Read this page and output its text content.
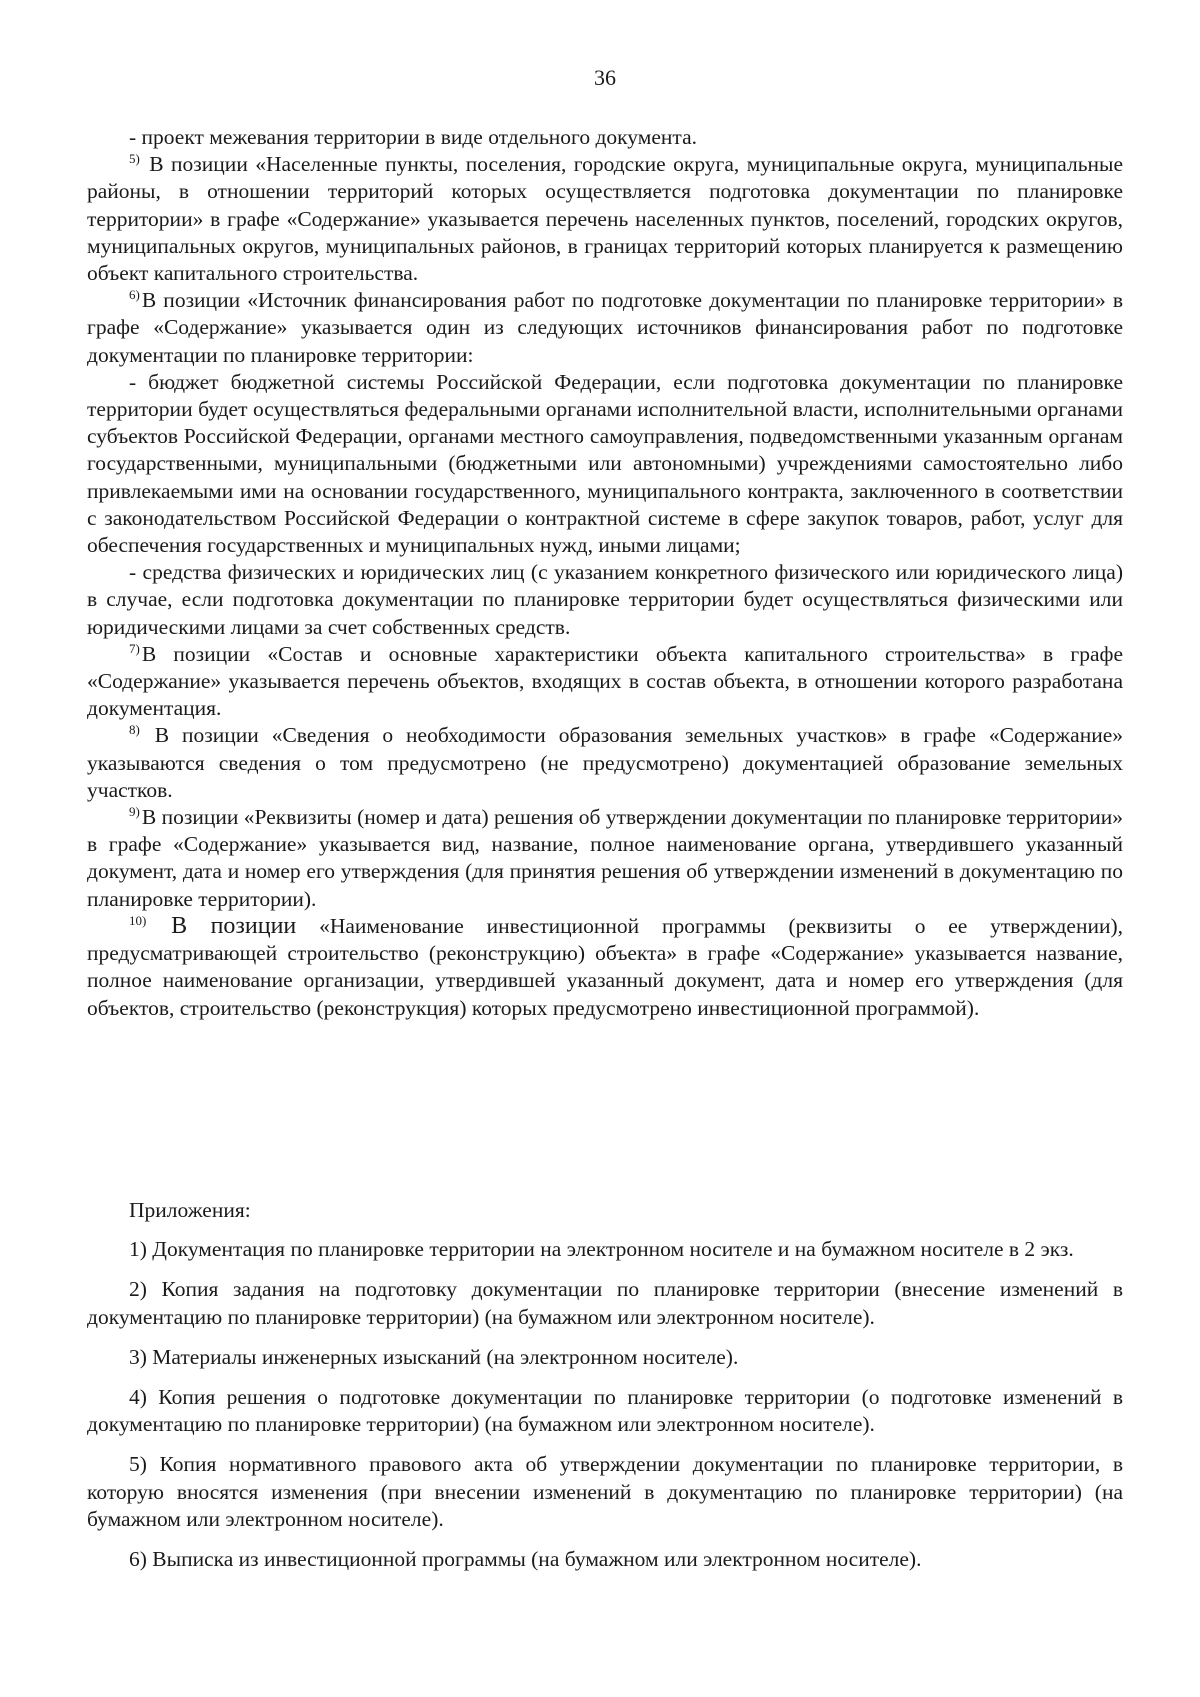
36

- проект межевания территории в виде отдельного документа.

$^{5)}$ В позиции «Населенные пункты, поселения, городские округа, муниципальные округа, муниципальные районы, в отношении территорий которых осуществляется подготовка документации по планировке территории» в графе «Содержание» указывается перечень населенных пунктов, поселений, городских округов, муниципальных округов, муниципальных районов, в границах территорий которых планируется к размещению объект капитального строительства.

$^{6)}$В позиции «Источник финансирования работ по подготовке документации по планировке территории» в графе «Содержание» указывается один из следующих источников финансирования работ по подготовке документации по планировке территории:

- бюджет бюджетной системы Российской Федерации, если подготовка документации по планировке территории будет осуществляться федеральными органами исполнительной власти, исполнительными органами субъектов Российской Федерации, органами местного самоуправления, подведомственными указанным органам государственными, муниципальными (бюджетными или автономными) учреждениями самостоятельно либо привлекаемыми ими на основании государственного, муниципального контракта, заключенного в соответствии с законодательством Российской Федерации о контрактной системе в сфере закупок товаров, работ, услуг для обеспечения государственных и муниципальных нужд, иными лицами;

- средства физических и юридических лиц (с указанием конкретного физического или юридического лица) в случае, если подготовка документации по планировке территории будет осуществляться физическими или юридическими лицами за счет собственных средств.

$^{7)}$В позиции «Состав и основные характеристики объекта капитального строительства» в графе «Содержание» указывается перечень объектов, входящих в состав объекта, в отношении которого разработана документация.

$^{8)}$ В позиции «Сведения о необходимости образования земельных участков» в графе «Содержание» указываются сведения о том предусмотрено (не предусмотрено) документацией образование земельных участков.

$^{9)}$В позиции «Реквизиты (номер и дата) решения об утверждении документации по планировке территории» в графе «Содержание» указывается вид, название, полное наименование органа, утвердившего указанный документ, дата и номер его утверждения (для принятия решения об утверждении изменений в документацию по планировке территории).

$^{10)}$ В позиции «Наименование инвестиционной программы (реквизиты о ее утверждении), предусматривающей строительство (реконструкцию) объекта» в графе «Содержание» указывается название, полное наименование организации, утвердившей указанный документ, дата и номер его утверждения (для объектов, строительство (реконструкция) которых предусмотрено инвестиционной программой).

Приложения:

1) Документация по планировке территории на электронном носителе и на бумажном носителе в 2 экз.

2) Копия задания на подготовку документации по планировке территории (внесение изменений в документацию по планировке территории) (на бумажном или электронном носителе).

3) Материалы инженерных изысканий (на электронном носителе).

4) Копия решения о подготовке документации по планировке территории (о подготовке изменений в документацию по планировке территории) (на бумажном или электронном носителе).

5) Копия нормативного правового акта об утверждении документации по планировке территории, в которую вносятся изменения (при внесении изменений в документацию по планировке территории) (на бумажном или электронном носителе).

6) Выписка из инвестиционной программы (на бумажном или электронном носителе).
